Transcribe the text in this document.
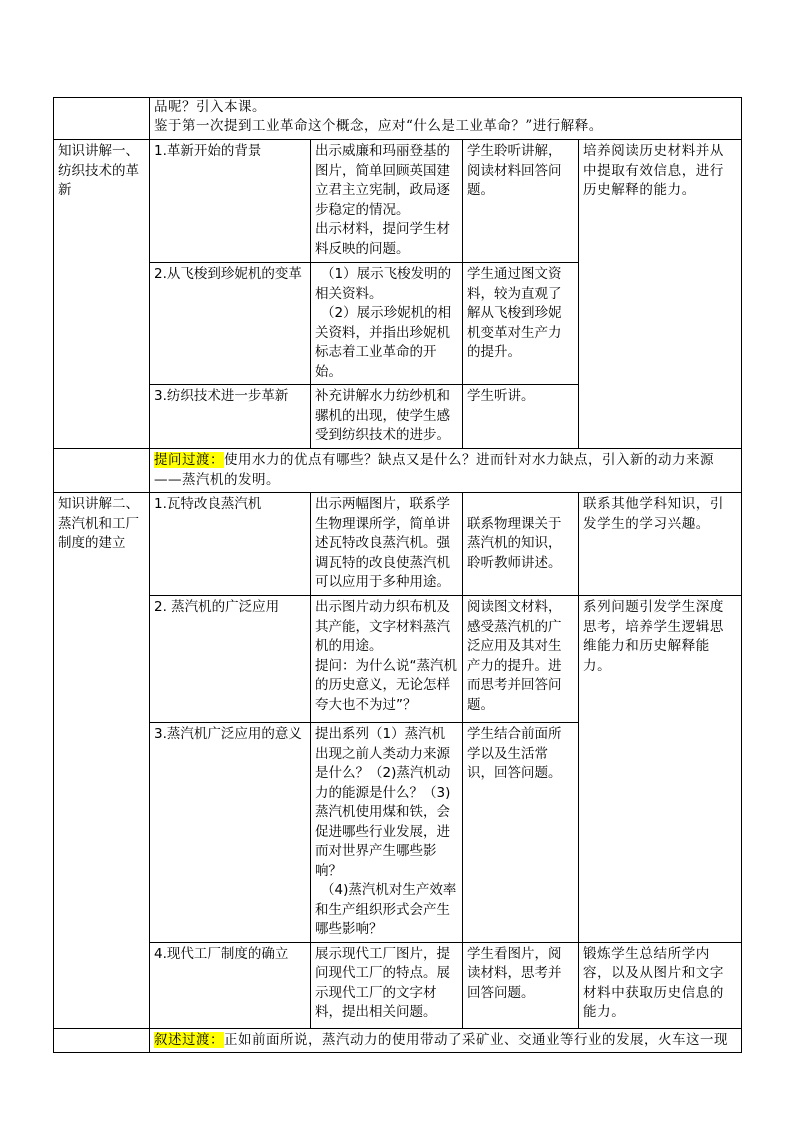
	品呢？引入本课。

鉴于第一次提到工业革命这个概念，应对“什么是工业革命？”进行解释。			

知识讲解一、纺织技术的革新	1.革新开始的背景	出示威廉和玛丽登基的图片，简单回顾英国建立君主立宪制，政局逐步稳定的情况。

出示材料，提问学生材料反映的问题。	学生聆听讲解，阅读材料回答问题。	培养阅读历史材料并从中提取有效信息，进行历史解释的能力。
	2.从飞梭到珍妮机的变革	（1）展示飞梭发明的相关资料。

（2）展示珍妮机的相关资料，并指出珍妮机标志着工业革命的开始。	学生通过图文资料，较为直观了解从飞梭到珍妮机变革对生产力的提升。	
	3.纺织技术进一步革新	补充讲解水力纺纱机和骡机的出现，使学生感受到纺织技术的进步。	学生听讲。	
	提问过渡：使用水力的优点有哪些？缺点又是什么？进而针对水力缺点，引入新的动力来源——蒸汽机的发明。			
知识讲解二、蒸汽机和工厂制度的建立	1.瓦特改良蒸汽机	出示两幅图片，联系学生物理课所学，简单讲述瓦特改良蒸汽机。强调瓦特的改良使蒸汽机可以应用于多种用途。	联系物理课关于蒸汽机的知识，聆听教师讲述。	联系其他学科知识，引发学生的学习兴趣。
	2. 蒸汽机的广泛应用	出示图片动力织布机及其产能，文字材料蒸汽机的用途。

提问：为什么说“蒸汽机的历史意义，无论怎样夸大也不为过”？	阅读图文材料，感受蒸汽机的广泛应用及其对生产力的提升。进而思考并回答问题。	系列问题引发学生深度思考，培养学生逻辑思维能力和历史解释能力。
	3.蒸汽机广泛应用的意义	提出系列（1）蒸汽机出现之前人类动力来源是什么？（2)蒸汽机动力的能源是什么？（3)蒸汽机使用煤和铁，会促进哪些行业发展，进而对世界产生哪些影响？

（4)蒸汽机对生产效率和生产组织形式会产生哪些影响？	学生结合前面所学以及生活常识，回答问题。	
	4.现代工厂制度的确立	展示现代工厂图片，提问现代工厂的特点。展示现代工厂的文字材料，提出相关问题。	学生看图片，阅读材料，思考并回答问题。	锻炼学生总结所学内容，以及从图片和文字材料中获取历史信息的能力。
	叙述过渡：正如前面所说，蒸汽动力的使用带动了采矿业、交通业等行业的发展，火车这一现			
